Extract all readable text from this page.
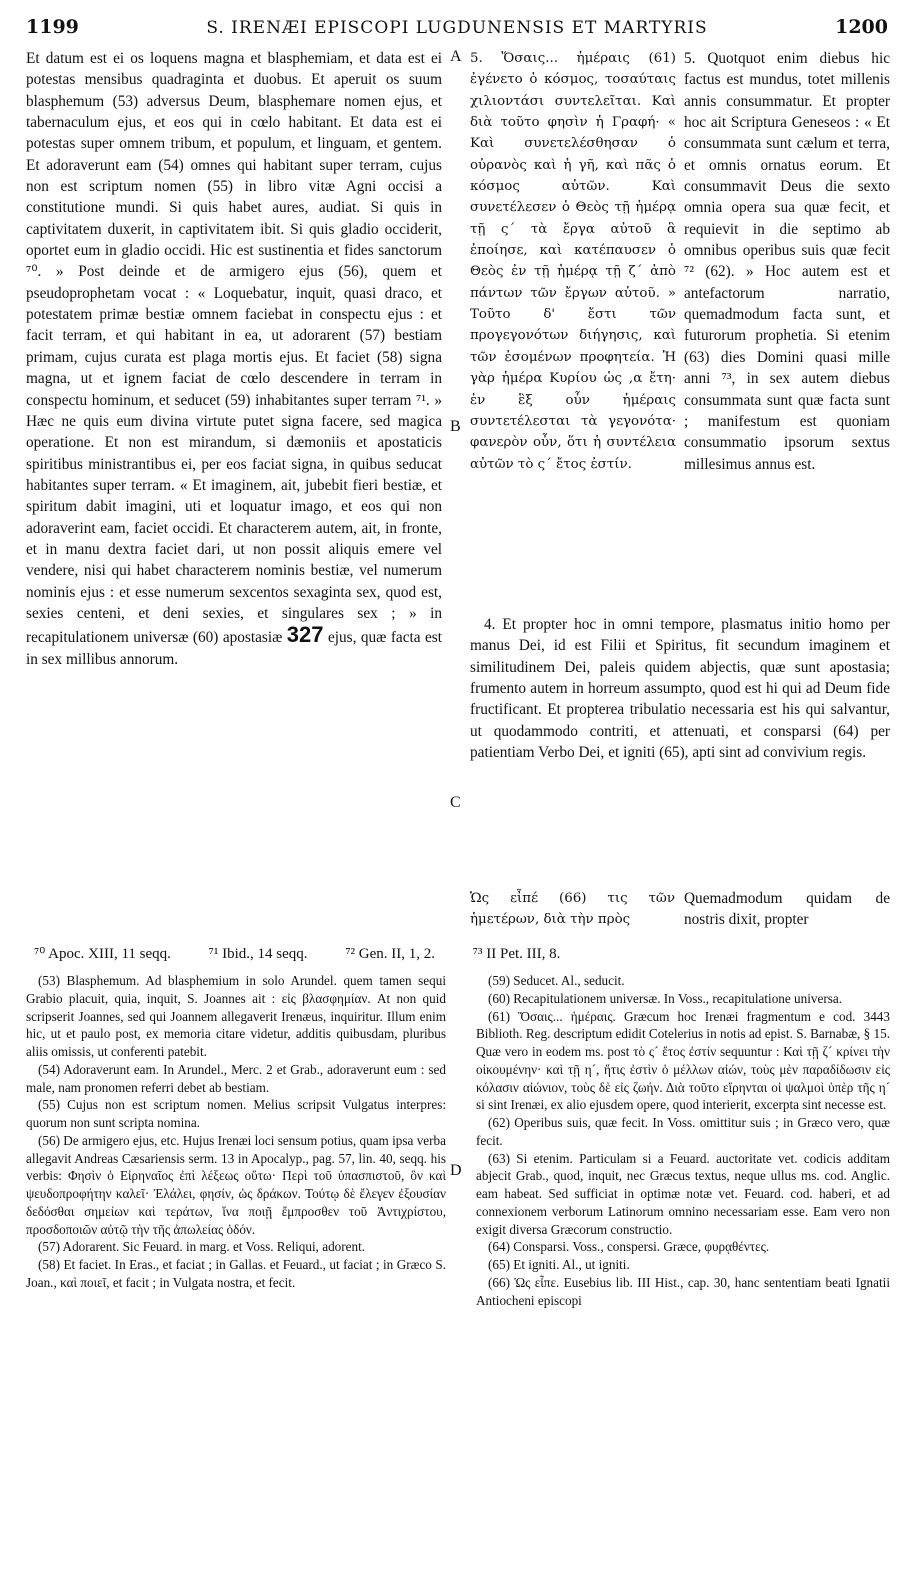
1199	S. IRENÆI EPISCOPI LUGDUNENSIS ET MARTYRIS	1200

Et datum est ei os loquens magna et blasphemiam, et data est ei potestas mensibus quadraginta et duobus. Et aperuit os suum blasphemum (53) adversus Deum, blasphemare nomen ejus, et tabernaculum ejus, et eos qui in cœlo habitant. Et data est ei potestas super omnem tribum, et populum, et linguam, et gentem. Et adoraverunt eam (54) omnes qui habitant super terram, cujus non est scriptum nomen (55) in libro vitæ Agni occisi a constitutione mundi. Si quis habet aures, audiat. Si quis in captivitatem duxerit, in captivitatem ibit. Si quis gladio occiderit, oportet eum in gladio occidi. Hic est sustinentia et fides sanctorum ⁷⁰. » Post deinde et de armigero ejus (56), quem et pseudoprophetam vocat : « Loquebatur, inquit, quasi draco, et potestatem primæ bestiæ omnem faciebat in conspectu ejus : et facit terram, et qui habitant in ea, ut adorarent (57) bestiam primam, cujus curata est plaga mortis ejus. Et faciet (58) signa magna, ut et ignem faciat de cœlo descendere in terram in conspectu hominum, et seducet (59) inhabitantes super terram ⁷¹. » Hæc ne quis eum divina virtute putet signa facere, sed magica operatione. Et non est mirandum, si dæmoniis et apostaticis spiritibus ministrantibus ei, per eos faciat signa, in quibus seducat habitantes super terram. « Et imaginem, ait, jubebit fieri bestiæ, et spiritum dabit imagini, uti et loquatur imago, et eos qui non adoraverint eam, faciet occidi. Et characterem autem, ait, in fronte, et in manu dextra faciet dari, ut non possit aliquis emere vel vendere, nisi qui habet characterem nominis bestiæ, vel numerum nominis ejus : et esse numerum sexcentos sexaginta sex, quod est, sexies centeni, et deni sexies, et singulares sex ; » in recapitulationem universæ (60) apostasiæ 327 ejus, quæ facta est in sex millibus annorum.

A
B
C
D

5. Ὅσαις... ἡμέραις (61) ἐγένετο ὁ κόσμος, τοσαύταις χιλιοντάσι συντελεῖται. Καὶ διὰ τοῦτο φησὶν ἡ Γραφή· « Καὶ συνετελέσθησαν ὁ οὐρανὸς καὶ ἡ γῆ, καὶ πᾶς ὁ κόσμος αὐτῶν. Καὶ συνετέλεσεν ὁ Θεὸς τῇ ἡμέρᾳ τῇ ς´ τὰ ἔργα αὐτοῦ ἃ ἐποίησε, καὶ κατέπαυσεν ὁ Θεὸς ἐν τῇ ἡμέρᾳ τῇ ζ´ ἀπὸ πάντων τῶν ἔργων αὐτοῦ. » Τοῦτο δ' ἔστι τῶν προγεγονότων διήγησις, καὶ τῶν ἐσομένων προφητεία. Ἡ γὰρ ἡμέρα Κυρίου ὡς ,α ἔτη· ἐν ἓξ οὖν ἡμέραις συντετέλεσται τὰ γεγονότα· φανερὸν οὖν, ὅτι ἡ συντέλεια αὐτῶν τὸ ς´ ἔτος ἐστίν.

5. Quotquot enim diebus hic factus est mundus, totet millenis annis consummatur. Et propter hoc ait Scriptura Geneseos : « Et consummata sunt cælum et terra, et omnis ornatus eorum. Et consummavit Deus die sexto omnia opera sua quæ fecit, et requievit in die septimo ab omnibus operibus suis quæ fecit ⁷² (62). » Hoc autem est et antefactorum narratio, quemadmodum facta sunt, et futurorum prophetia. Si etenim (63) dies Domini quasi mille anni ⁷³, in sex autem diebus consummata sunt quæ facta sunt ; manifestum est quoniam consummatio ipsorum sextus millesimus annus est.

4. Et propter hoc in omni tempore, plasmatus initio homo per manus Dei, id est Filii et Spiritus, fit secundum imaginem et similitudinem Dei, paleis quidem abjectis, quæ sunt apostasia; frumento autem in horreum assumpto, quod est hi qui ad Deum fide fructificant. Et propterea tribulatio necessaria est his qui salvantur, ut quodammodo contriti, et attenuati, et consparsi (64) per patientiam Verbo Dei, et igniti (65), apti sint ad convivium regis.

Ὡς εἶπέ (66) τις τῶν ἡμετέρων, διὰ τὴν πρὸς
Quemadmodum quidam de nostris dixit, propter
⁷⁰ Apoc. XIII, 11 seqq.	⁷¹ Ibid., 14 seqq.	⁷² Gen. II, 1, 2.	⁷³ II Pet. III, 8.

(53) Blasphemum. Ad blasphemium in solo Arundel. quem tamen sequi Grabio placuit, quia, inquit, S. Joannes ait : εἰς βλασφημίαν. At non quid scripserit Joannes, sed qui Joannem allegaverit Irenæus, inquiritur. Illum enim hic, ut et paulo post, ex memoria citare videtur, additis quibusdam, pluribus aliis omissis, ut conferenti patebit.

(54) Adoraverunt eam. In Arundel., Merc. 2 et Grab., adoraverunt eum : sed male, nam pronomen referri debet ab bestiam.

(55) Cujus non est scriptum nomen. Melius scripsit Vulgatus interpres: quorum non sunt scripta nomina.

(56) De armigero ejus, etc. Hujus Irenæi loci sensum potius, quam ipsa verba allegavit Andreas Cæsariensis serm. 13 in Apocalyp., pag. 57, lin. 40, seqq. his verbis: Φησὶν ὁ Εἰρηναῖος ἐπὶ λέξεως οὕτω· Περὶ τοῦ ὑπασπιστοῦ, ὃν καὶ ψευδοπροφήτην καλεῖ· Ἐλάλει, φησίν, ὡς δράκων. Τούτῳ δὲ ἔλεγεν ἐξουσίαν δεδόσθαι σημείων καὶ τεράτων, ἵνα ποιῇ ἔμπροσθεν τοῦ Ἀντιχρίστου, προσδοποιῶν αὐτῷ τὴν τῆς ἀπωλείας ὁδόν.

(57) Adorarent. Sic Feuard. in marg. et Voss. Reliqui, adorent.

(58) Et faciet. In Eras., et faciat ; in Gallas. et Feuard., ut faciat ; in Græco S. Joan., καὶ ποιεῖ, et facit ; in Vulgata nostra, et fecit.

(59) Seducet. Al., seducit.

(60) Recapitulationem universæ. In Voss., recapitulatione universa.

(61) Ὅσαις... ἡμέραις. Græcum hoc Irenæi fragmentum e cod. 3443 Biblioth. Reg. descriptum edidit Cotelerius in notis ad epist. S. Barnabæ, § 15. Quæ vero in eodem ms. post τὸ ς´ ἔτος ἐστίν sequuntur : Καὶ τῇ ζ´ κρίνει τὴν οἰκουμένην· καὶ τῇ η´, ἥτις ἐστὶν ὁ μέλλων αἰών, τοὺς μὲν παραδίδωσιν εἰς κόλασιν αἰώνιον, τοὺς δὲ εἰς ζωήν. Διὰ τοῦτο εἴρηνται οἱ ψαλμοὶ ὑπὲρ τῆς η´ si sint Irenæi, ex alio ejusdem opere, quod interierit, excerpta sint necesse est.

(62) Operibus suis, quæ fecit. In Voss. omittitur suis ; in Græco vero, quæ fecit.

(63) Si etenim. Particulam si a Feuard. auctoritate vet. codicis additam abjecit Grab., quod, inquit, nec Græcus textus, neque ullus ms. cod. Anglic. eam habeat. Sed sufficiat in optimæ notæ vet. Feuard. cod. haberi, et ad connexionem verborum Latinorum omnino necessariam esse. Eam vero non exigit diversa Græcorum constructio.

(64) Consparsi. Voss., conspersi. Græce, φυρᾳθέντες.

(65) Et igniti. Al., ut igniti.

(66) Ὡς εἶπε. Eusebius lib. III Hist., cap. 30, hanc sententiam beati Ignatii Antiocheni episcopi
